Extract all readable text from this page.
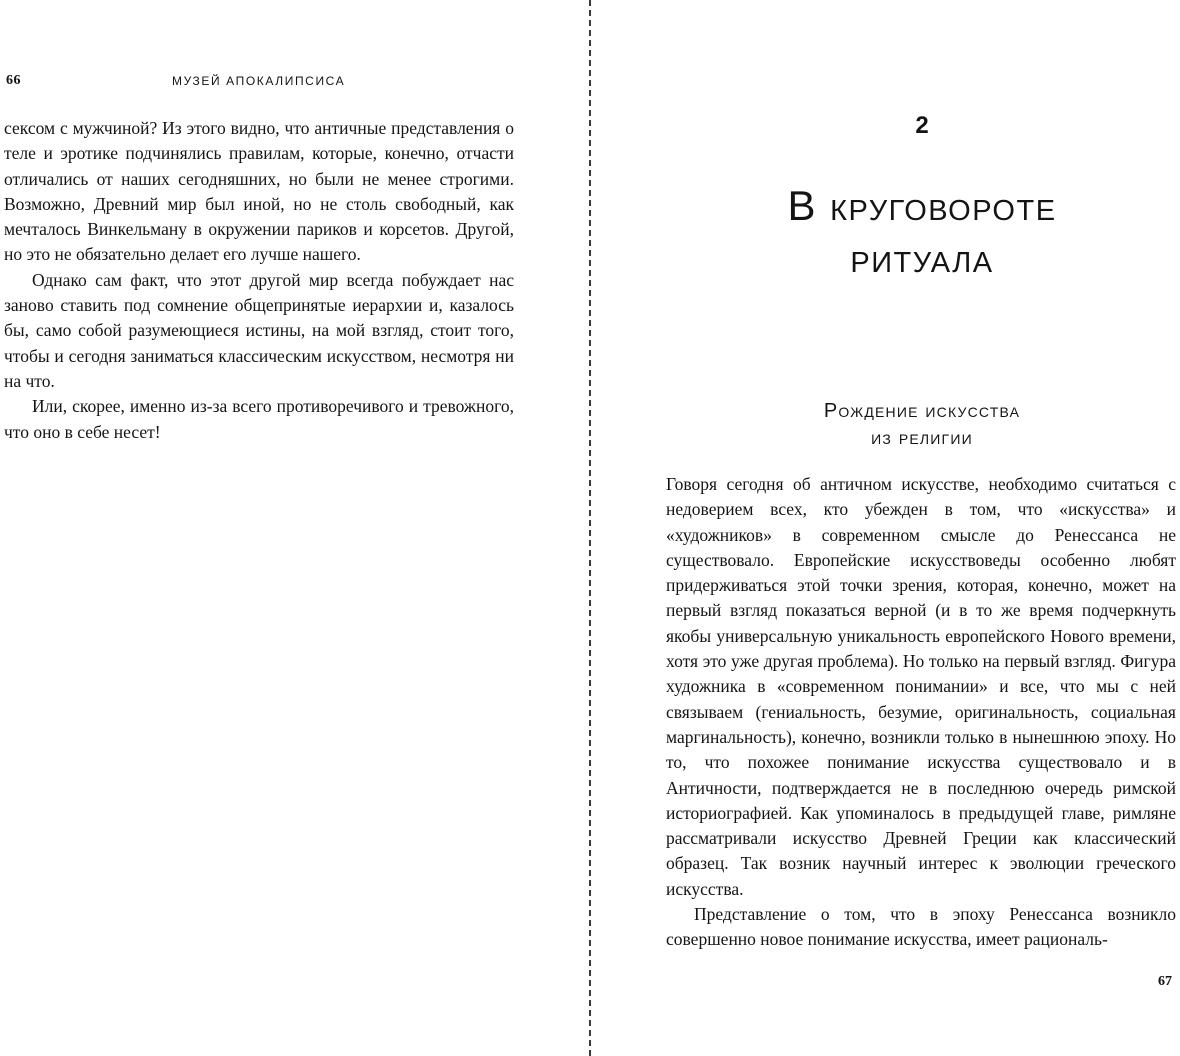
66	МУЗЕЙ АПОКАЛИПСИСА

сексом с мужчиной? Из этого видно, что античные представления о теле и эротике подчинялись правилам, которые, конечно, отчасти отличались от наших сегодняшних, но были не менее строгими. Возможно, Древний мир был иной, но не столь свободный, как мечталось Винкельману в окружении париков и корсетов. Другой, но это не обязательно делает его лучше нашего.

Однако сам факт, что этот другой мир всегда побуждает нас заново ставить под сомнение общепринятые иерархии и, казалось бы, само собой разумеющиеся истины, на мой взгляд, стоит того, чтобы и сегодня заниматься классическим искусством, несмотря ни на что.

Или, скорее, именно из-за всего противоречивого и тревожного, что оно в себе несет!

2
В круговороте
ритуала
Рождение искусства
из религии

Говоря сегодня об античном искусстве, необходимо считаться с недоверием всех, кто убежден в том, что «искусства» и «художников» в современном смысле до Ренессанса не существовало. Европейские искусствоведы особенно любят придерживаться этой точки зрения, которая, конечно, может на первый взгляд показаться верной (и в то же время подчеркнуть якобы универсальную уникальность европейского Нового времени, хотя это уже другая проблема). Но только на первый взгляд. Фигура художника в «современном понимании» и все, что мы с ней связываем (гениальность, безумие, оригинальность, социальная маргинальность), конечно, возникли только в нынешнюю эпоху. Но то, что похожее понимание искусства существовало и в Античности, подтверждается не в последнюю очередь римской историографией. Как упоминалось в предыдущей главе, римляне рассматривали искусство Древней Греции как классический образец. Так возник научный интерес к эволюции греческого искусства.

Представление о том, что в эпоху Ренессанса возникло совершенно новое понимание искусства, имеет рациональ-

67
